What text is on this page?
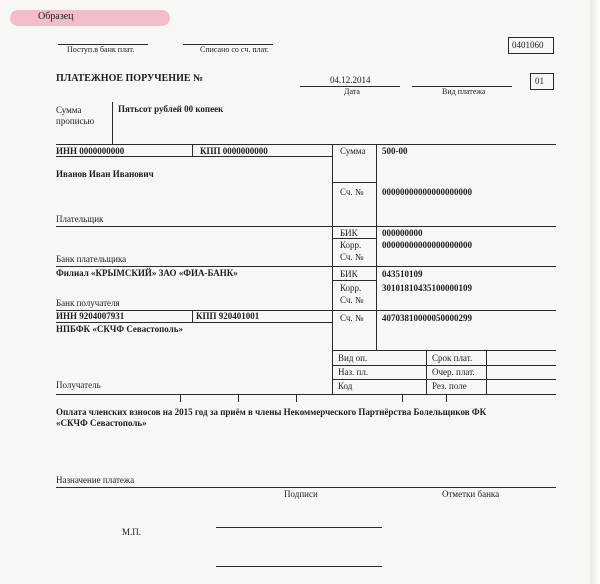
Образец
Поступ.в банк плат.	Списано со сч. плат.	0401060
ПЛАТЕЖНОЕ ПОРУЧЕНИЕ №	04.12.2014
Дата	Вид платежа
01
Сумма
прописью
Пятьсот рублей 00 копеек
ИНН 0000000000	КПП 0000000000	Сумма 500-00
Иванов Иван Иванович
Сч. № 00000000000000000000
Плательщик
БИК	000000000
Корр.
Сч. №
00000000000000000000
Банк плательщика
Филиал «КРЫМСКИЙ» ЗАО «ФИА-БАНК»	БИК	043510109
Корр.
Сч. №
30101810435100000109
Банк получателя
ИНН 9204007931	КПП 920401001	Сч. № 40703810000050000299
НПБФК «СКЧФ Севастополь»
Получатель
Вид оп.	Срок плат.
Наз. пл.	Очер. плат.
Код	Рез. поле
Оплата членских взносов на 2015 год за приём в члены Некоммерческого Партнёрства Болельщиков ФК
«СКЧФ Севастополь»
Назначение платежа
Подписи	Отметки банка
М.П.
